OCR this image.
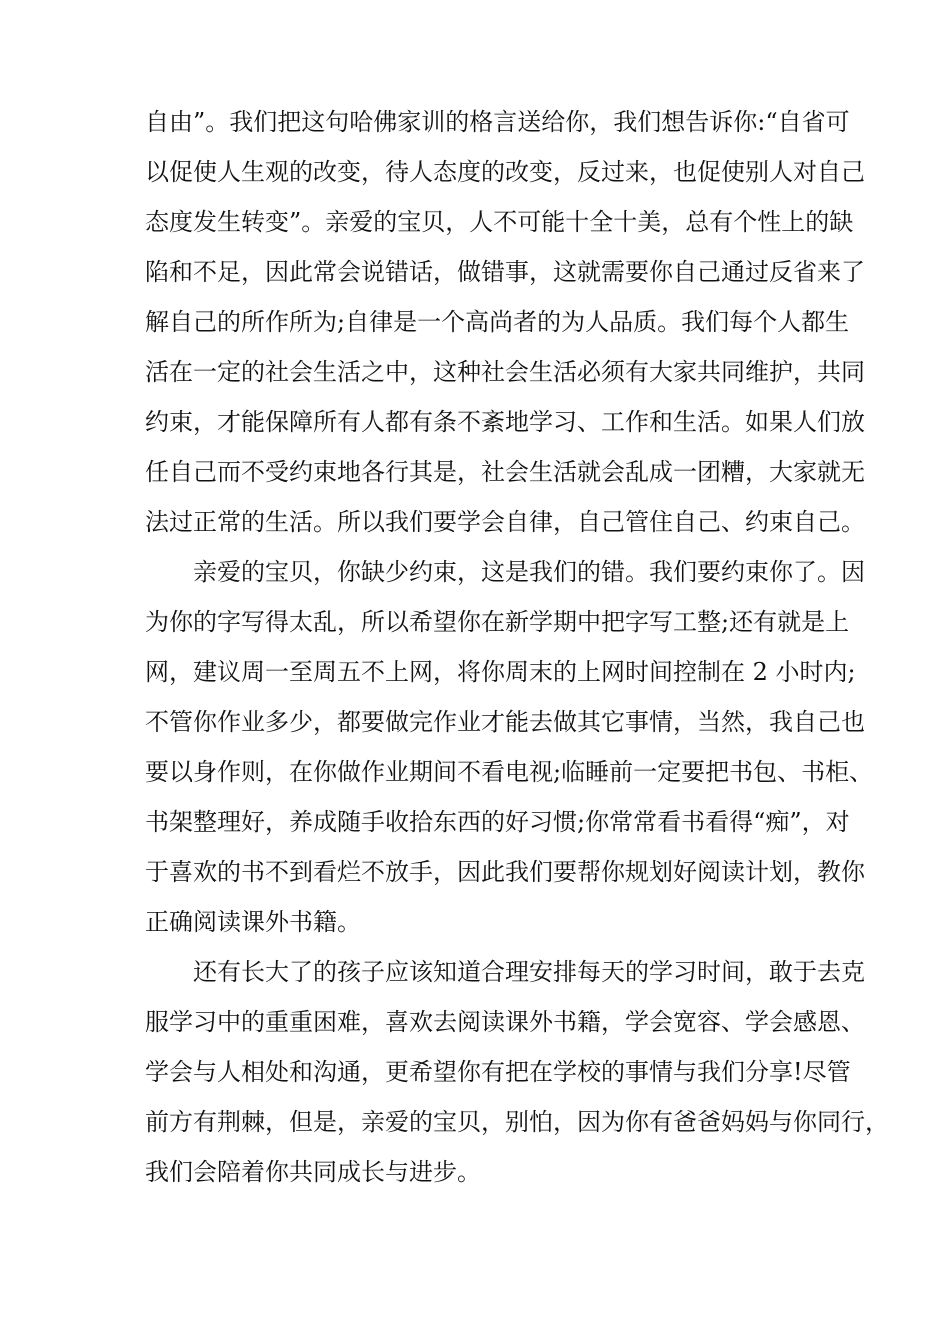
自由”。我们把这句哈佛家训的格言送给你，我们想告诉你:“自省可
以促使人生观的改变，待人态度的改变，反过来，也促使别人对自己
态度发生转变”。亲爱的宝贝，人不可能十全十美，总有个性上的缺
陷和不足，因此常会说错话，做错事，这就需要你自己通过反省来了
解自己的所作所为;自律是一个高尚者的为人品质。我们每个人都生
活在一定的社会生活之中，这种社会生活必须有大家共同维护，共同
约束，才能保障所有人都有条不紊地学习、工作和生活。如果人们放
任自己而不受约束地各行其是，社会生活就会乱成一团糟，大家就无
法过正常的生活。所以我们要学会自律，自己管住自己、约束自己。
亲爱的宝贝，你缺少约束，这是我们的错。我们要约束你了。因
为你的字写得太乱，所以希望你在新学期中把字写工整;还有就是上
网，建议周一至周五不上网，将你周末的上网时间控制在 2 小时内;
不管你作业多少，都要做完作业才能去做其它事情，当然，我自己也
要以身作则，在你做作业期间不看电视;临睡前一定要把书包、书柜、
书架整理好，养成随手收拾东西的好习惯;你常常看书看得“痴”，对
于喜欢的书不到看烂不放手，因此我们要帮你规划好阅读计划，教你
正确阅读课外书籍。
还有长大了的孩子应该知道合理安排每天的学习时间，敢于去克
服学习中的重重困难，喜欢去阅读课外书籍，学会宽容、学会感恩、
学会与人相处和沟通，更希望你有把在学校的事情与我们分享!尽管
前方有荆棘，但是，亲爱的宝贝，别怕，因为你有爸爸妈妈与你同行，
我们会陪着你共同成长与进步。
